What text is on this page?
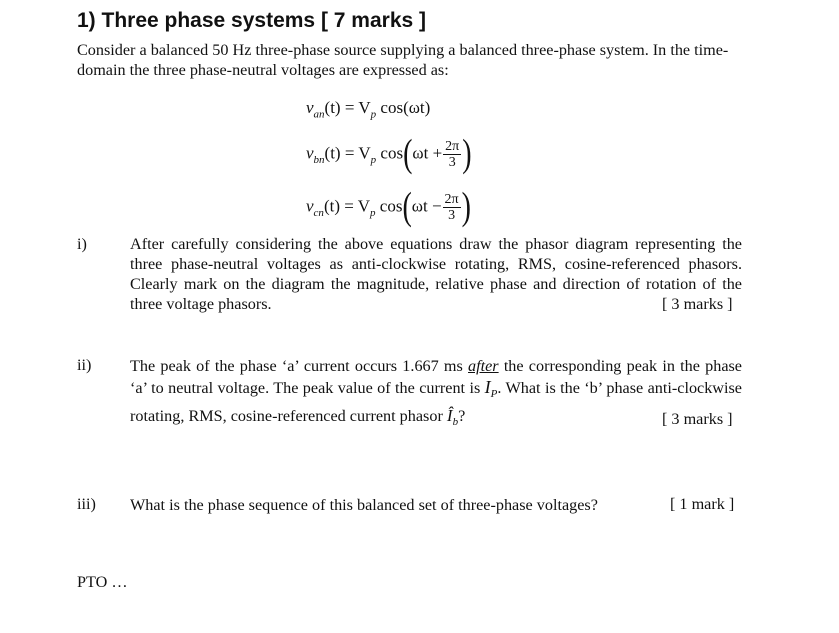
1) Three phase systems [ 7 marks ]
Consider a balanced 50 Hz three-phase source supplying a balanced three-phase system. In the time-domain the three phase-neutral voltages are expressed as:
$v_{an}(t) = V_p$ cos(ωt)
$v_{bn}(t) = V_p$ $\cos(\omega t + \frac{2\pi}{3}$ )
$v_{cn}(t) = V_p$ $\cos(\omega t - \frac{2\pi}{3}$ )
i)	After carefully considering the above equations draw the phasor diagram representing the three phase-neutral voltages as anti-clockwise rotating, RMS, cosine-referenced phasors. Clearly mark on the diagram the magnitude, relative phase and direction of rotation of the three voltage phasors.	[ 3 marks ]
ii) The peak of the phase ‘a’ current occurs 1.667 ms after the corresponding peak in the phase ‘a’ to neutral voltage. The peak value of the current is $I_P$. What is the ‘b’ phase anti-clockwise rotating, RMS, cosine-referenced current phasor $Î_b$?	[ 3 marks ]
iii) What is the phase sequence of this balanced set of three-phase voltages?	[ 1 mark ]
PTO …
